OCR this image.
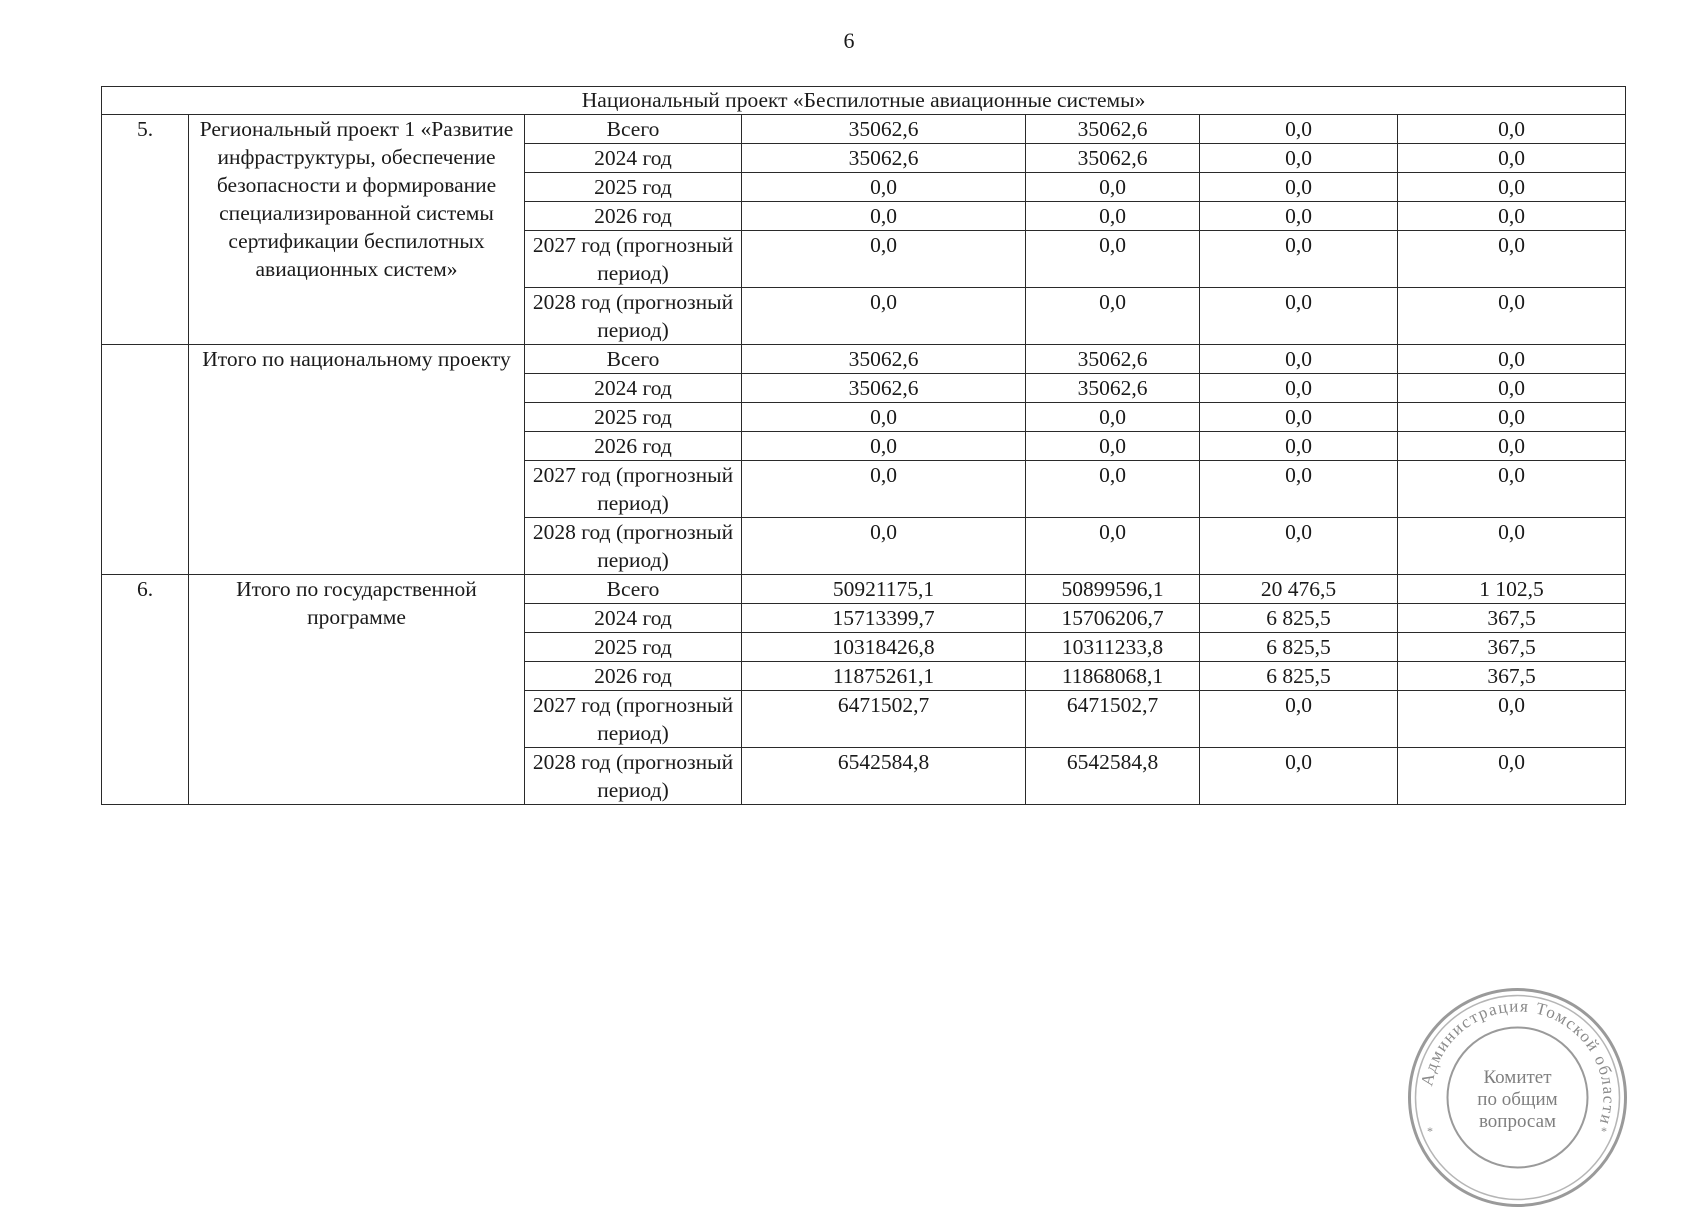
6
Национальный проект «Беспилотные авиационные системы»						
5.	Региональный проект 1 «Развитие инфраструктуры, обеспечение безопасности и формирование специализированной системы сертификации беспилотных авиационных систем»	Всего	35062,6	35062,6	0,0	0,0
		2024 год	35062,6	35062,6	0,0	0,0
		2025 год	0,0	0,0	0,0	0,0
		2026 год	0,0	0,0	0,0	0,0
		2027 год (прогнозный период)	0,0	0,0	0,0	0,0
		2028 год (прогнозный период)	0,0	0,0	0,0	0,0
	Итого по национальному проекту	Всего	35062,6	35062,6	0,0	0,0
		2024 год	35062,6	35062,6	0,0	0,0
		2025 год	0,0	0,0	0,0	0,0
		2026 год	0,0	0,0	0,0	0,0
		2027 год (прогнозный период)	0,0	0,0	0,0	0,0
		2028 год (прогнозный период)	0,0	0,0	0,0	0,0
6.	Итого по государственной программе	Всего	50921175,1	50899596,1	20 476,5	1 102,5
		2024 год	15713399,7	15706206,7	6 825,5	367,5
		2025 год	10318426,8	10311233,8	6 825,5	367,5
		2026 год	11875261,1	11868068,1	6 825,5	367,5
		2027 год (прогнозный период)	6471502,7	6471502,7	0,0	0,0
		2028 год (прогнозный период)	6542584,8	6542584,8	0,0	0,0
Администрация Томской области
Комитет
по общим
вопросам
*	*
